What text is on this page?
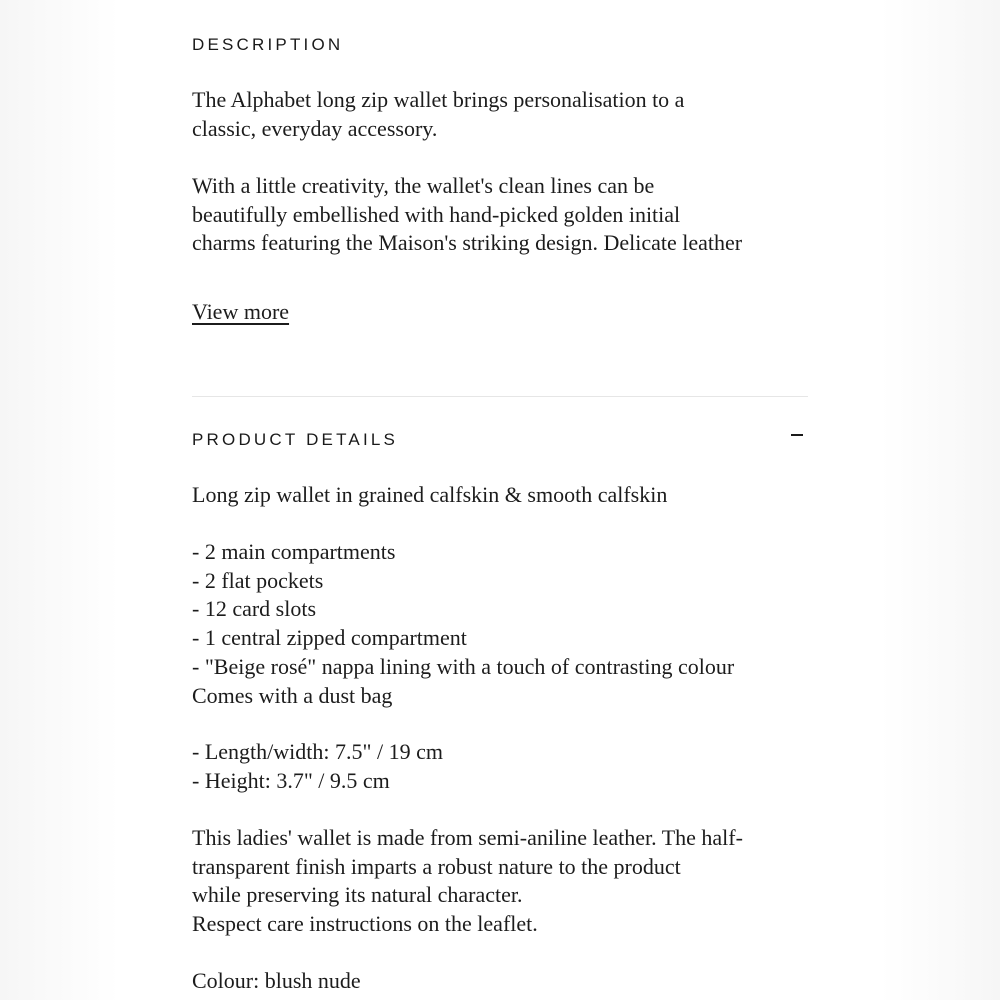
DESCRIPTION

The Alphabet long zip wallet brings personalisation to a
classic, everyday accessory.

With a little creativity, the wallet's clean lines can be
beautifully embellished with hand-picked golden initial
charms featuring the Maison's striking design. Delicate leather

View more
PRODUCT DETAILS

Long zip wallet in grained calfskin & smooth calfskin

- 2 main compartments
- 2 flat pockets
- 12 card slots
- 1 central zipped compartment
- "Beige rosé" nappa lining with a touch of contrasting colour
Comes with a dust bag

- Length/width: 7.5" / 19 cm
- Height: 3.7" / 9.5 cm

This ladies' wallet is made from semi-aniline leather. The half-
transparent finish imparts a robust nature to the product
while preserving its natural character.
Respect care instructions on the leaflet.

Colour: blush nude
